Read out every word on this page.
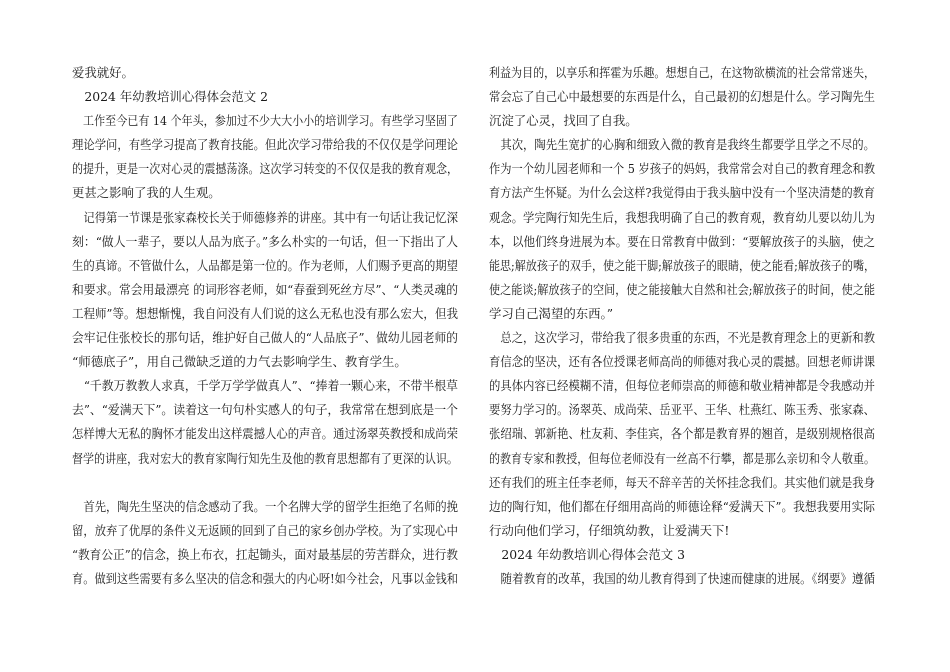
爱我就好。
　2024 年幼教培训心得体会范文 2
　工作至今已有 14 个年头，参加过不少大大小小的培训学习。有些学习坚固了
理论学问，有些学习提高了教育技能。但此次学习带给我的不仅仅是学问理论
的提升，更是一次对心灵的震撼荡涤。这次学习转变的不仅仅是我的教育观念，
更甚之影响了我的人生观。
　记得第一节课是张家森校长关于师德修养的讲座。其中有一句话让我记忆深
刻：“做人一辈子，要以人品为底子。”多么朴实的一句话，但一下指出了人
生的真谛。不管做什么，人品都是第一位的。作为老师，人们赐予更高的期望
和要求。常会用最漂亮 的词形容老师，如“春蚕到死丝方尽”、“人类灵魂的
工程师”等。想想惭愧，我自问没有人们说的这么无私也没有那么宏大，但我
会牢记住张校长的那句话，维护好自己做人的“人品底子”、做幼儿园老师的
“师德底子”，用自己微缺乏道的力气去影响学生、教育学生。
　“千教万教教人求真，千学万学学做真人”、“捧着一颗心来，不带半根草
去”、“爱满天下”。读着这一句句朴实感人的句子，我常常在想到底是一个
怎样博大无私的胸怀才能发出这样震撼人心的声音。通过汤翠英教授和成尚荣
督学的讲座，我对宏大的教育家陶行知先生及他的教育思想都有了更深的认识。
　首先，陶先生坚决的信念感动了我。一个名牌大学的留学生拒绝了名师的挽
留，放弃了优厚的条件义无返顾的回到了自己的家乡创办学校。为了实现心中
“教育公正”的信念，换上布衣，扛起锄头，面对最基层的劳苦群众，进行教
育。做到这些需要有多么坚决的信念和强大的内心呀!如今社会，凡事以金钱和
利益为目的，以享乐和挥霍为乐趣。想想自己，在这物欲横流的社会常常迷失，
常会忘了自己心中最想要的东西是什么，自己最初的幻想是什么。学习陶先生
沉淀了心灵，找回了自我。
　其次，陶先生宽扩的心胸和细致入微的教育是我终生都要学且学之不尽的。
作为一个幼儿园老师和一个 5 岁孩子的妈妈，我常常会对自己的教育理念和教
育方法产生怀疑。为什么会这样?我觉得由于我头脑中没有一个坚决清楚的教育
观念。学完陶行知先生后，我想我明确了自己的教育观，教育幼儿要以幼儿为
本，以他们终身进展为本。要在日常教育中做到：“要解放孩子的头脑，使之
能思;解放孩子的双手，使之能干脚;解放孩子的眼睛，使之能看;解放孩子的嘴，
使之能谈;解放孩子的空间，使之能接触大自然和社会;解放孩子的时间，使之能
学习自己渴望的东西。”
　总之，这次学习，带给我了很多贵重的东西，不光是教育理念上的更新和教
育信念的坚决，还有各位授课老师高尚的师德对我心灵的震撼。回想老师讲课
的具体内容已经模糊不清，但每位老师崇高的师德和敬业精神都是令我感动并
要努力学习的。汤翠英、成尚荣、岳亚平、王华、杜燕红、陈玉秀、张家森、
张绍瑞、郭新艳、杜友莉、李佳宾，各个都是教育界的翘首，是级别规格很高
的教育专家和教授，但每位老师没有一丝高不行攀，都是那么亲切和令人敬重。
还有我们的班主任李老师，每天不辞辛苦的关怀挂念我们。其实他们就是我身
边的陶行知，他们都在仔细用高尚的师德诠释“爱满天下”。我想我要用实际
行动向他们学习，仔细筑幼教，让爱满天下!
　2024 年幼教培训心得体会范文 3
　随着教育的改革，我国的幼儿教育得到了快速而健康的进展。《纲要》遵循
